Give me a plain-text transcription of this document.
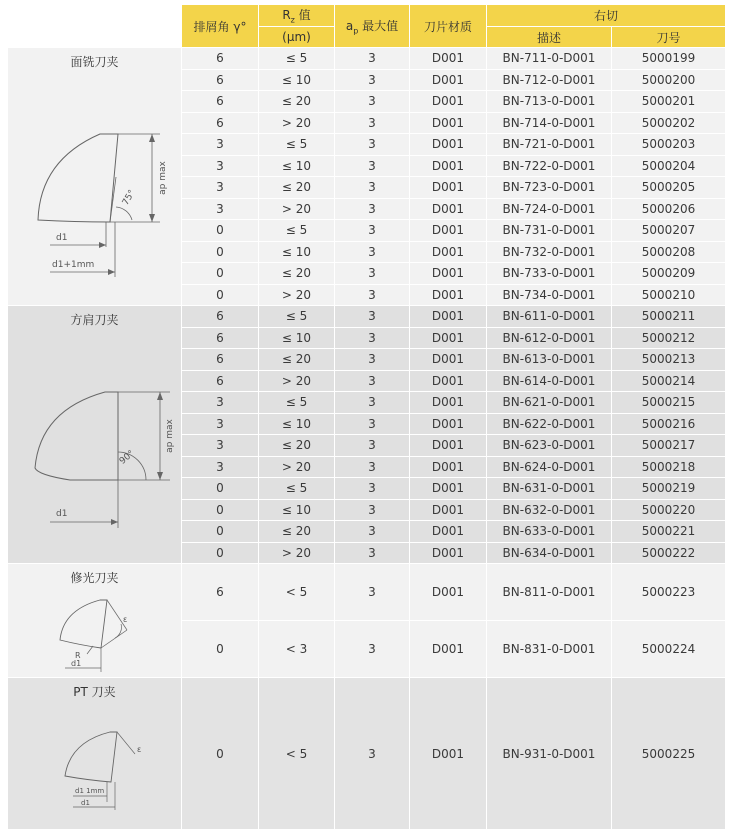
	排屑角 γ°	$R_z$ 值	$a_p$ 最大值	刀片材质	右切	
		(μm)			描述	刀号

面铣刀夹
ap max
75°
d1
d1+1mm	6	≤ 5	3	D001	BN-711-0-D001	5000199
	6	≤ 10	3	D001	BN-712-0-D001	5000200
	6	≤ 20	3	D001	BN-713-0-D001	5000201
	6	> 20	3	D001	BN-714-0-D001	5000202
	3	≤ 5	3	D001	BN-721-0-D001	5000203
	3	≤ 10	3	D001	BN-722-0-D001	5000204
	3	≤ 20	3	D001	BN-723-0-D001	5000205
	3	> 20	3	D001	BN-724-0-D001	5000206
	0	≤ 5	3	D001	BN-731-0-D001	5000207
	0	≤ 10	3	D001	BN-732-0-D001	5000208
	0	≤ 20	3	D001	BN-733-0-D001	5000209
	0	> 20	3	D001	BN-734-0-D001	5000210

方肩刀夹
ap max
90°
d1	6	≤ 5	3	D001	BN-611-0-D001	5000211
	6	≤ 10	3	D001	BN-612-0-D001	5000212
	6	≤ 20	3	D001	BN-613-0-D001	5000213
	6	> 20	3	D001	BN-614-0-D001	5000214
	3	≤ 5	3	D001	BN-621-0-D001	5000215
	3	≤ 10	3	D001	BN-622-0-D001	5000216
	3	≤ 20	3	D001	BN-623-0-D001	5000217
	3	> 20	3	D001	BN-624-0-D001	5000218
	0	≤ 5	3	D001	BN-631-0-D001	5000219
	0	≤ 10	3	D001	BN-632-0-D001	5000220
	0	≤ 20	3	D001	BN-633-0-D001	5000221
	0	> 20	3	D001	BN-634-0-D001	5000222

修光刀夹
ε
R
d1	6	< 5	3	D001	BN-811-0-D001	5000223
	0	< 3	3	D001	BN-831-0-D001	5000224

PT 刀夹
ε
d1 1mm
d1	0	< 5	3	D001	BN-931-0-D001	5000225
